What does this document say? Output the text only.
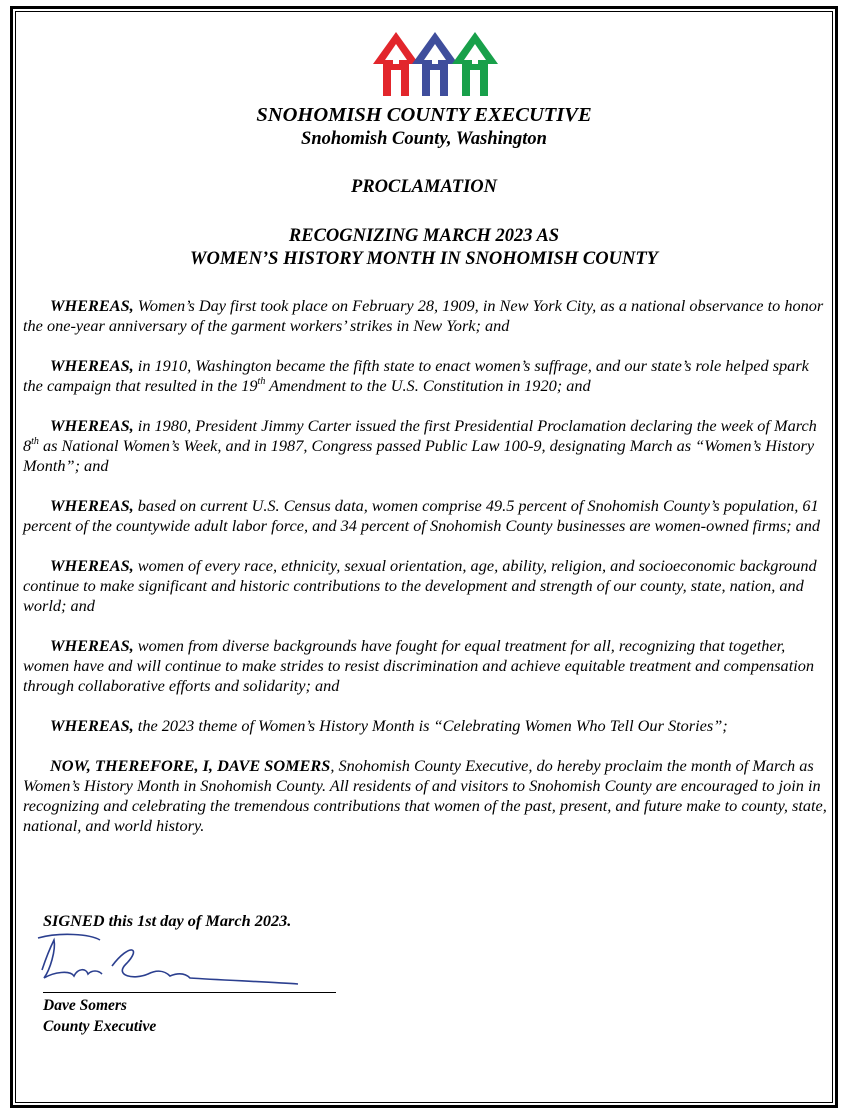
SNOHOMISH COUNTY EXECUTIVE
Snohomish County, Washington
PROCLAMATION
RECOGNIZING MARCH 2023 AS
WOMEN’S HISTORY MONTH IN SNOHOMISH COUNTY

WHEREAS, Women’s Day first took place on February 28, 1909, in New York City, as a national observance to honor the one-year anniversary of the garment workers’ strikes in New York; and

WHEREAS, in 1910, Washington became the fifth state to enact women’s suffrage, and our state’s role helped spark the campaign that resulted in the 19th Amendment to the U.S. Constitution in 1920; and

WHEREAS, in 1980, President Jimmy Carter issued the first Presidential Proclamation declaring the week of March 8th as National Women’s Week, and in 1987, Congress passed Public Law 100-9, designating March as “Women’s History Month”; and

WHEREAS, based on current U.S. Census data, women comprise 49.5 percent of Snohomish County’s population, 61 percent of the countywide adult labor force, and 34 percent of Snohomish County businesses are women-owned firms; and

WHEREAS, women of every race, ethnicity, sexual orientation, age, ability, religion, and socioeconomic background continue to make significant and historic contributions to the development and strength of our county, state, nation, and world; and

WHEREAS, women from diverse backgrounds have fought for equal treatment for all, recognizing that together, women have and will continue to make strides to resist discrimination and achieve equitable treatment and compensation through collaborative efforts and solidarity; and

WHEREAS, the 2023 theme of Women’s History Month is “Celebrating Women Who Tell Our Stories”;

NOW, THEREFORE, I, DAVE SOMERS, Snohomish County Executive, do hereby proclaim the month of March as Women’s History Month in Snohomish County. All residents of and visitors to Snohomish County are encouraged to join in recognizing and celebrating the tremendous contributions that women of the past, present, and future make to county, state, national, and world history.

SIGNED this 1st day of March 2023.
Dave Somers
County Executive
